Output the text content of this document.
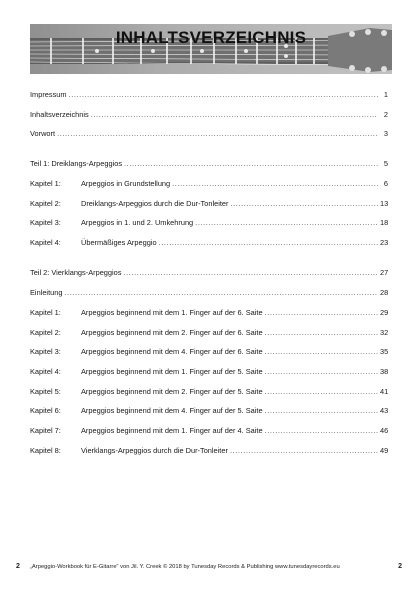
INHALTSVERZEICHNIS
Impressum .....	1
Inhaltsverzeichnis .....	2
Vorwort .....	3
Teil 1: Dreiklangs-Arpeggios .....	5
Kapitel 1:	Arpeggios in Grundstellung .....	6
Kapitel 2:	Dreiklangs-Arpeggios durch die Dur-Tonleiter .....	13
Kapitel 3:	Arpeggios in 1. und 2. Umkehrung .....	18
Kapitel 4:	Übermäßiges Arpeggio .....	23
Teil 2: Vierklangs-Arpeggios .....	27
Einleitung .....	28
Kapitel 1:	Arpeggios beginnend mit dem 1. Finger auf der 6. Saite .....	29
Kapitel 2:	Arpeggios beginnend mit dem 2. Finger auf der 6. Saite .....	32
Kapitel 3:	Arpeggios beginnend mit dem 4. Finger auf der 6. Saite .....	35
Kapitel 4:	Arpeggios beginnend mit dem 1. Finger auf der 5. Saite .....	38
Kapitel 5:	Arpeggios beginnend mit dem 2. Finger auf der 5. Saite .....	41
Kapitel 6:	Arpeggios beginnend mit dem 4. Finger auf der 5. Saite .....	43
Kapitel 7:	Arpeggios beginnend mit dem 1. Finger auf der 4. Saite .....	46
Kapitel 8:	Vierklangs-Arpeggios durch die Dur-Tonleiter .....	49
2 „Arpeggio-Workbook für E-Gitarre“ von Jil. Y. Creek © 2018 by Tunesday Records & Publishing www.tunesdayrecords.eu	2
